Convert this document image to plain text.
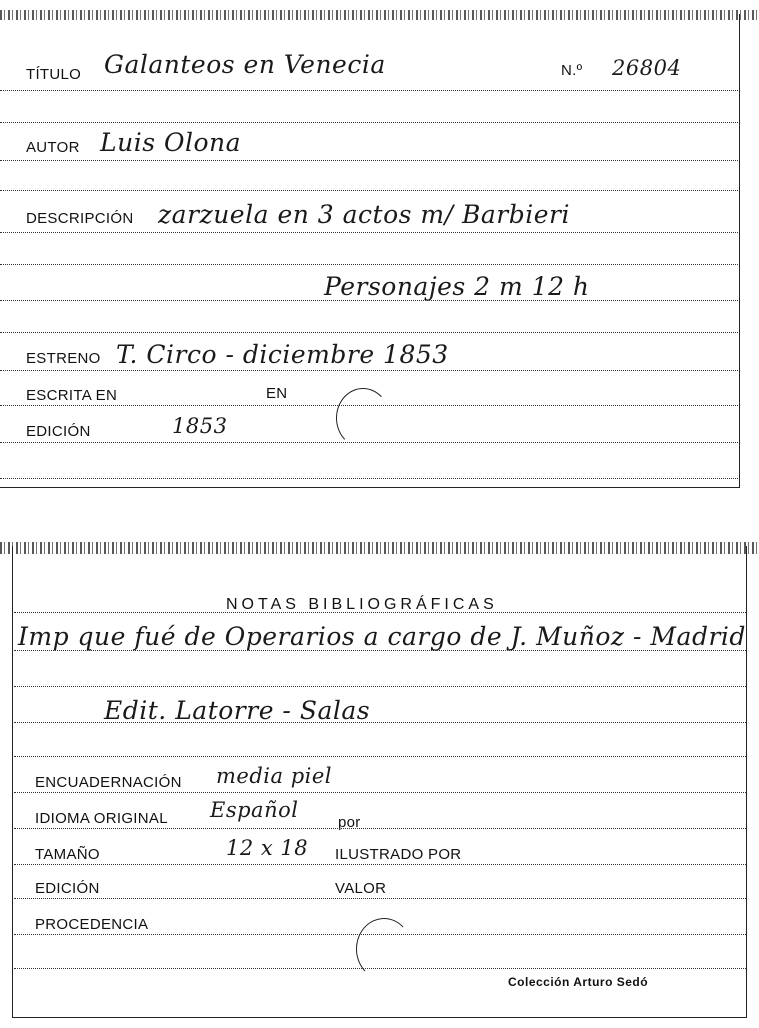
TÍTULO Galanteos en Venecia	N.º 26804
AUTOR Luis Olona
DESCRIPCIÓN zarzuela en 3 actos m/ Barbieri
Personajes 2 m 12 h
ESTRENO T. Circo - diciembre 1853
ESCRITA EN	EN
EDICIÓN	1853
NOTAS BIBLIOGRÁFICAS
Imp que fué de Operarios a cargo de J. Muñoz - Madrid
Edit. Latorre - Salas
ENCUADERNACIÓN media piel
IDIOMA ORIGINAL Español
por
TAMAÑO	12 x 18 ILUSTRADO POR
EDICIÓN	VALOR
PROCEDENCIA
Colección Arturo Sedó
